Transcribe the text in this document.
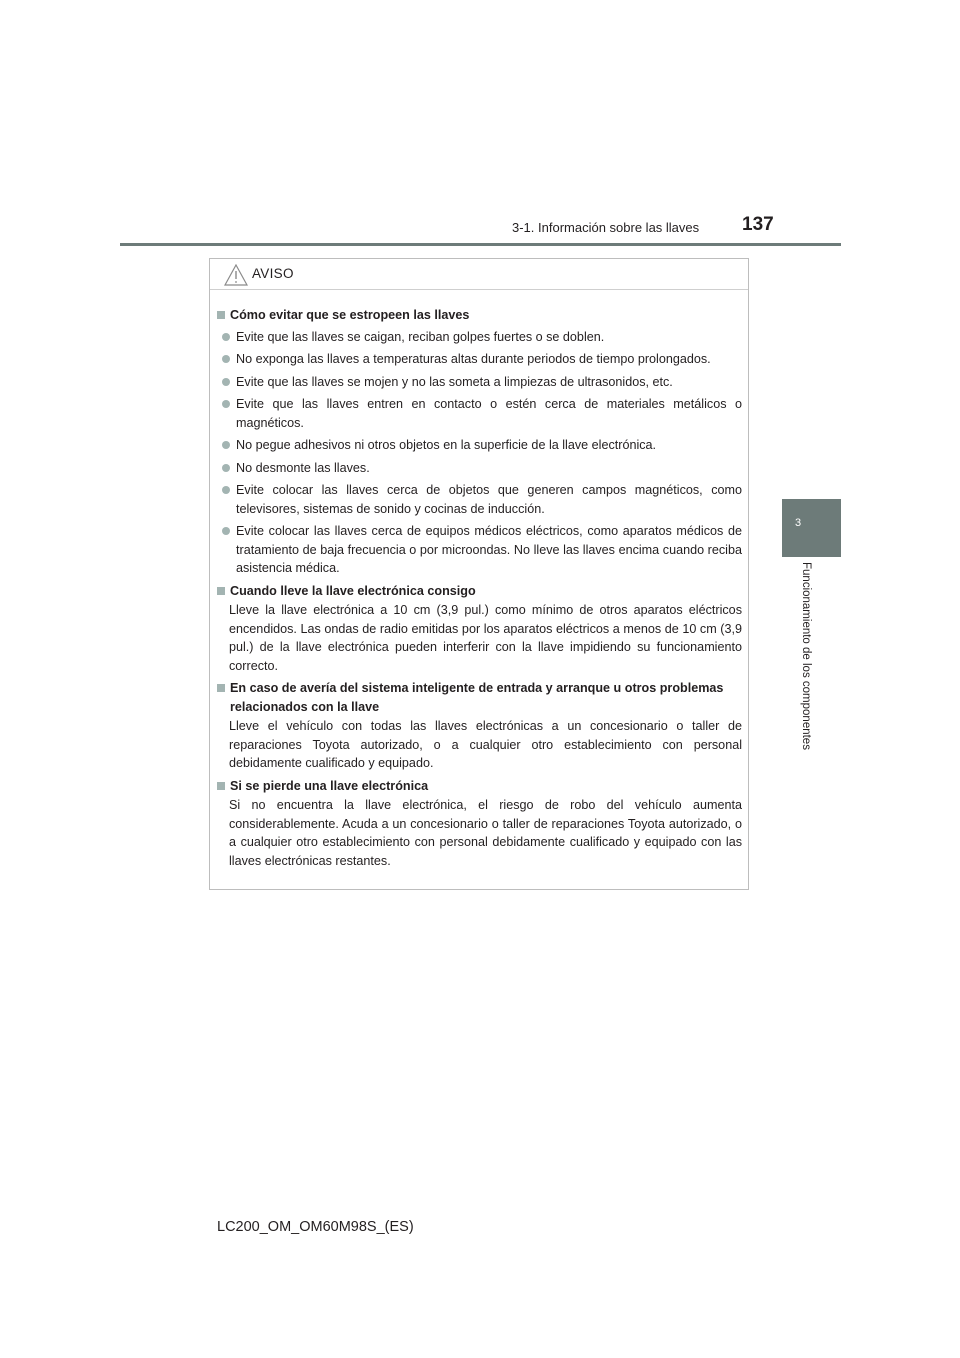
3-1. Información sobre las llaves 137
3
Funcionamiento de los componentes
AVISO
Cómo evitar que se estropeen las llaves
Evite que las llaves se caigan, reciban golpes fuertes o se doblen.
No exponga las llaves a temperaturas altas durante periodos de tiempo prolongados.
Evite que las llaves se mojen y no las someta a limpiezas de ultrasonidos, etc.
Evite que las llaves entren en contacto o estén cerca de materiales metálicos o magnéticos.
No pegue adhesivos ni otros objetos en la superficie de la llave electrónica.
No desmonte las llaves.
Evite colocar las llaves cerca de objetos que generen campos magnéticos, como televisores, sistemas de sonido y cocinas de inducción.
Evite colocar las llaves cerca de equipos médicos eléctricos, como aparatos médicos de tratamiento de baja frecuencia o por microondas. No lleve las llaves encima cuando reciba asistencia médica.
Cuando lleve la llave electrónica consigo
Lleve la llave electrónica a 10 cm (3,9 pul.) como mínimo de otros aparatos eléctricos encendidos. Las ondas de radio emitidas por los aparatos eléctricos a menos de 10 cm (3,9 pul.) de la llave electrónica pueden interferir con la llave impidiendo su funcionamiento correcto.
En caso de avería del sistema inteligente de entrada y arranque u otros problemas relacionados con la llave
Lleve el vehículo con todas las llaves electrónicas a un concesionario o taller de reparaciones Toyota autorizado, o a cualquier otro establecimiento con personal debidamente cualificado y equipado.
Si se pierde una llave electrónica
Si no encuentra la llave electrónica, el riesgo de robo del vehículo aumenta considerablemente. Acuda a un concesionario o taller de reparaciones Toyota autorizado, o a cualquier otro establecimiento con personal debidamente cualificado y equipado con las llaves electrónicas restantes.
LC200_OM_OM60M98S_(ES)
